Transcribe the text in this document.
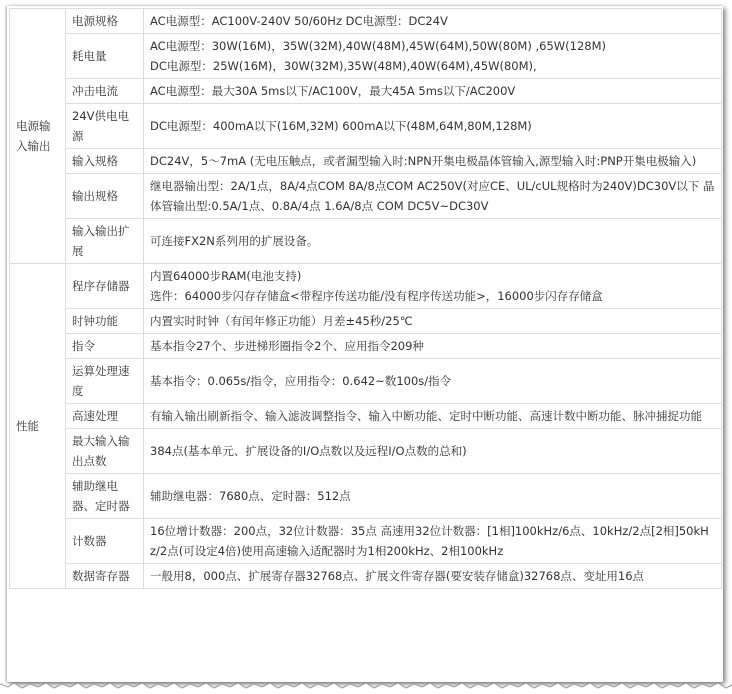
电源输入输出	电源规格	AC电源型：AC100V-240V 50/60Hz DC电源型：DC24V
	耗电量	AC电源型：30W(16M)，35W(32M),40W(48M),45W(64M),50W(80M) ,65W(128M)
DC电源型：25W(16M)，30W(32M),35W(48M),40W(64M),45W(80M),
	冲击电流	AC电源型：最大30A 5ms以下/AC100V，最大45A 5ms以下/AC200V
	24V供电电源	DC电源型：400mA以下(16M,32M) 600mA以下(48M,64M,80M,128M)
	输入规格	DC24V，5～7mA (无电压触点，或者漏型输入时:NPN开集电极晶体管输入,源型输入时:PNP开集电极输入)
	输出规格	继电器输出型：2A/1点，8A/4点COM 8A/8点COM AC250V(对应CE、UL/cUL规格时为240V)DC30V以下 晶体管输出型:0.5A/1点、0.8A/4点 1.6A/8点 COM DC5V~DC30V
	输入输出扩展	可连接FX2N系列用的扩展设备。
性能	程序存储器	内置64000步RAM(电池支持)
选件：64000步闪存存储盒<带程序传送功能/没有程序传送功能>，16000步闪存存储盒
	时钟功能	内置实时时钟（有闰年修正功能）月差±45秒/25℃
	指令	基本指令27个、步进梯形圈指令2个、应用指令209种
	运算处理速度	基本指令：0.065s/指令，应用指令：0.642~数100s/指令
	高速处理	有输入输出刷新指令、输入滤波调整指令、输入中断功能、定时中断功能、高速计数中断功能、脉冲捕捉功能
	最大输入输出点数	384点(基本单元、扩展设备的I/O点数以及远程I/O点数的总和)
	辅助继电器、定时器	辅助继电器：7680点、定时器：512点
	计数器	16位增计数器：200点，32位计数器：35点 高速用32位计数器：[1相]100kHz/6点、10kHz/2点[2相]50kHz/2点(可设定4倍)使用高速输入适配器时为1相200kHz、2相100kHz
	数据寄存器	一般用8，000点、扩展寄存器32768点、扩展文件寄存器(要安装存储盒)32768点、变址用16点
